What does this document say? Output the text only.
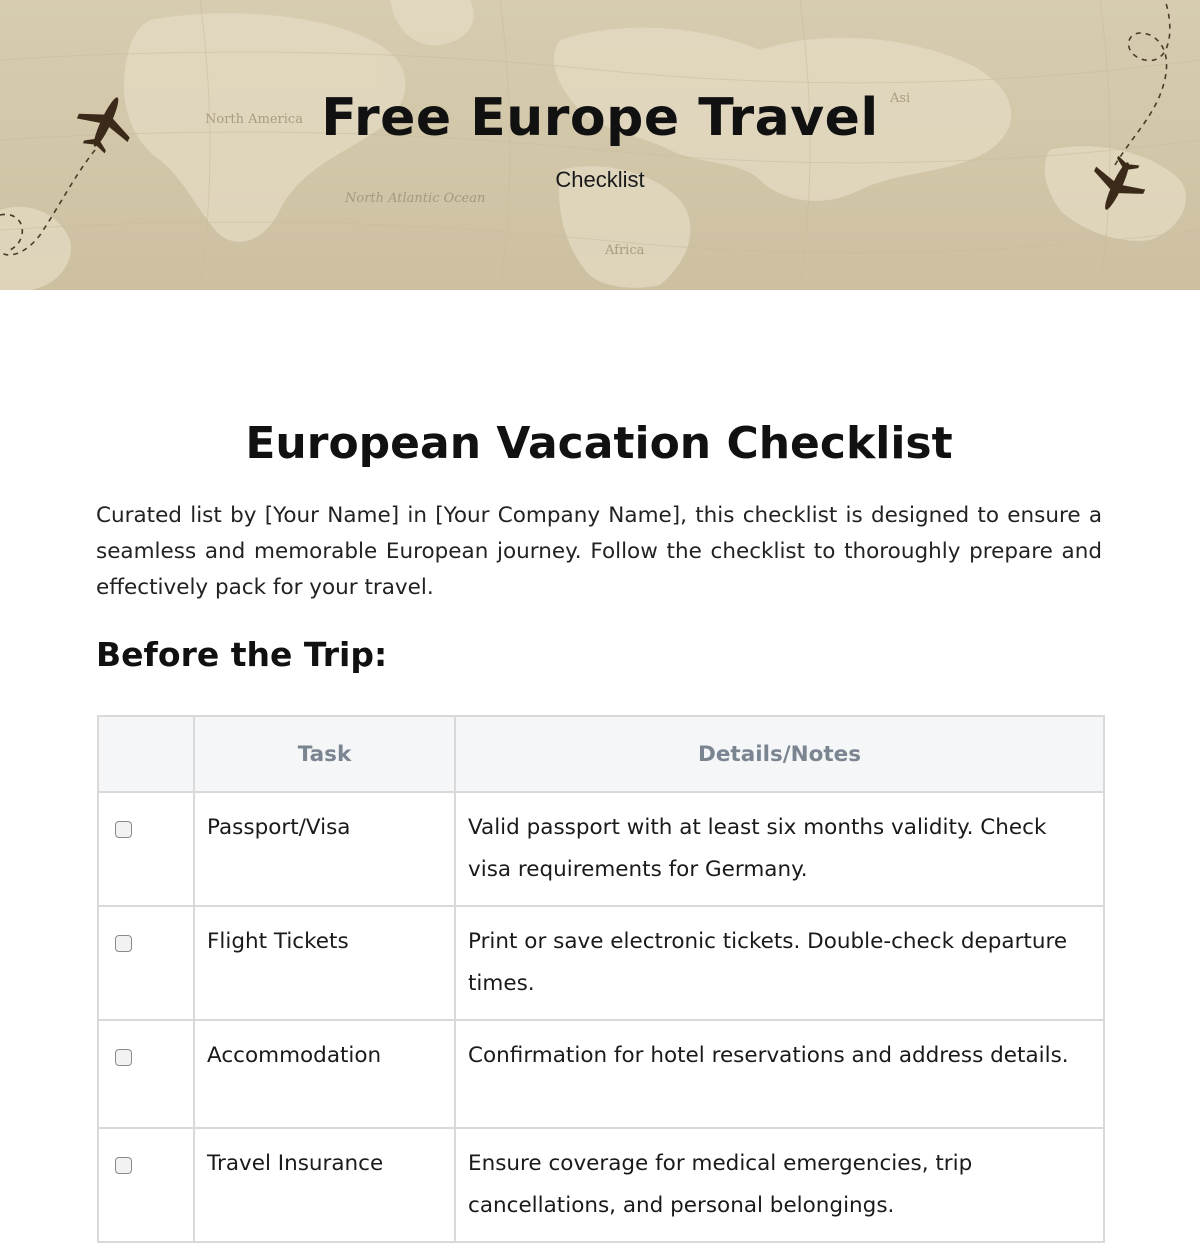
North America
North Atlantic Ocean
Africa
Asi
Free Europe Travel
Checklist
European Vacation Checklist

Curated list by [Your Name] in [Your Company Name], this checklist is designed to ensure a seamless and memorable European journey. Follow the checklist to thoroughly prepare and effectively pack for your travel.

Before the Trip:
	Task	Details/Notes
	Passport/Visa	Valid passport with at least six months validity. Check visa requirements for Germany.
	Flight Tickets	Print or save electronic tickets. Double-check departure times.
	Accommodation	Confirmation for hotel reservations and address details.
	Travel Insurance	Ensure coverage for medical emergencies, trip cancellations, and personal belongings.
